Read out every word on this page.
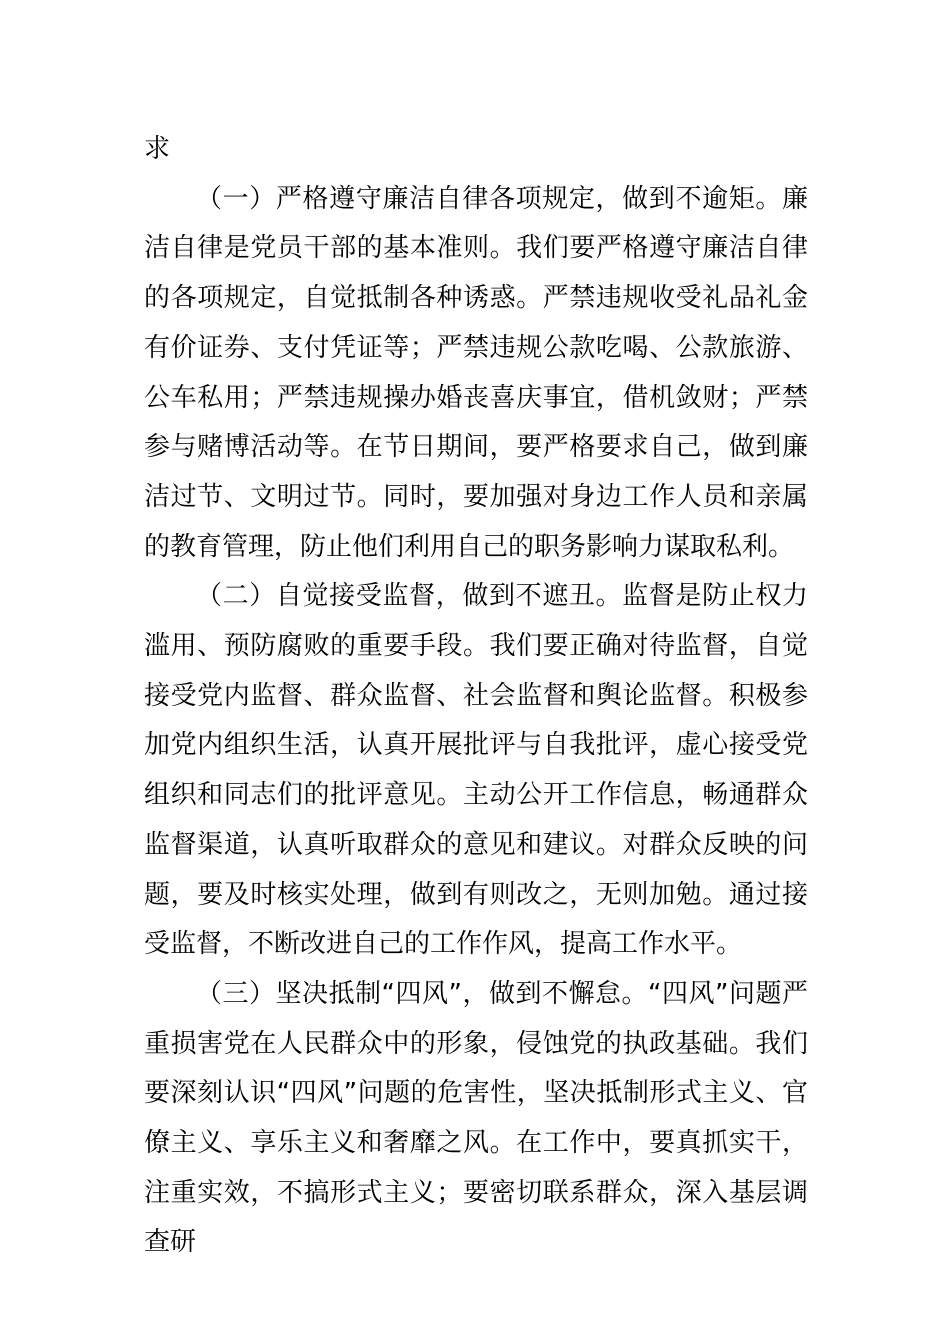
求

（一）严格遵守廉洁自律各项规定，做到不逾矩。廉洁自律是党员干部的基本准则。我们要严格遵守廉洁自律的各项规定，自觉抵制各种诱惑。严禁违规收受礼品礼金有价证券、支付凭证等；严禁违规公款吃喝、公款旅游、公车私用；严禁违规操办婚丧喜庆事宜，借机敛财；严禁参与赌博活动等。在节日期间，要严格要求自己，做到廉洁过节、文明过节。同时，要加强对身边工作人员和亲属的教育管理，防止他们利用自己的职务影响力谋取私利。

（二）自觉接受监督，做到不遮丑。监督是防止权力滥用、预防腐败的重要手段。我们要正确对待监督，自觉接受党内监督、群众监督、社会监督和舆论监督。积极参加党内组织生活，认真开展批评与自我批评，虚心接受党组织和同志们的批评意见。主动公开工作信息，畅通群众监督渠道，认真听取群众的意见和建议。对群众反映的问题，要及时核实处理，做到有则改之，无则加勉。通过接受监督，不断改进自己的工作作风，提高工作水平。

（三）坚决抵制“四风”，做到不懈怠。“四风”问题严重损害党在人民群众中的形象，侵蚀党的执政基础。我们要深刻认识“四风”问题的危害性，坚决抵制形式主义、官僚主义、享乐主义和奢靡之风。在工作中，要真抓实干，注重实效，不搞形式主义；要密切联系群众，深入基层调查研
